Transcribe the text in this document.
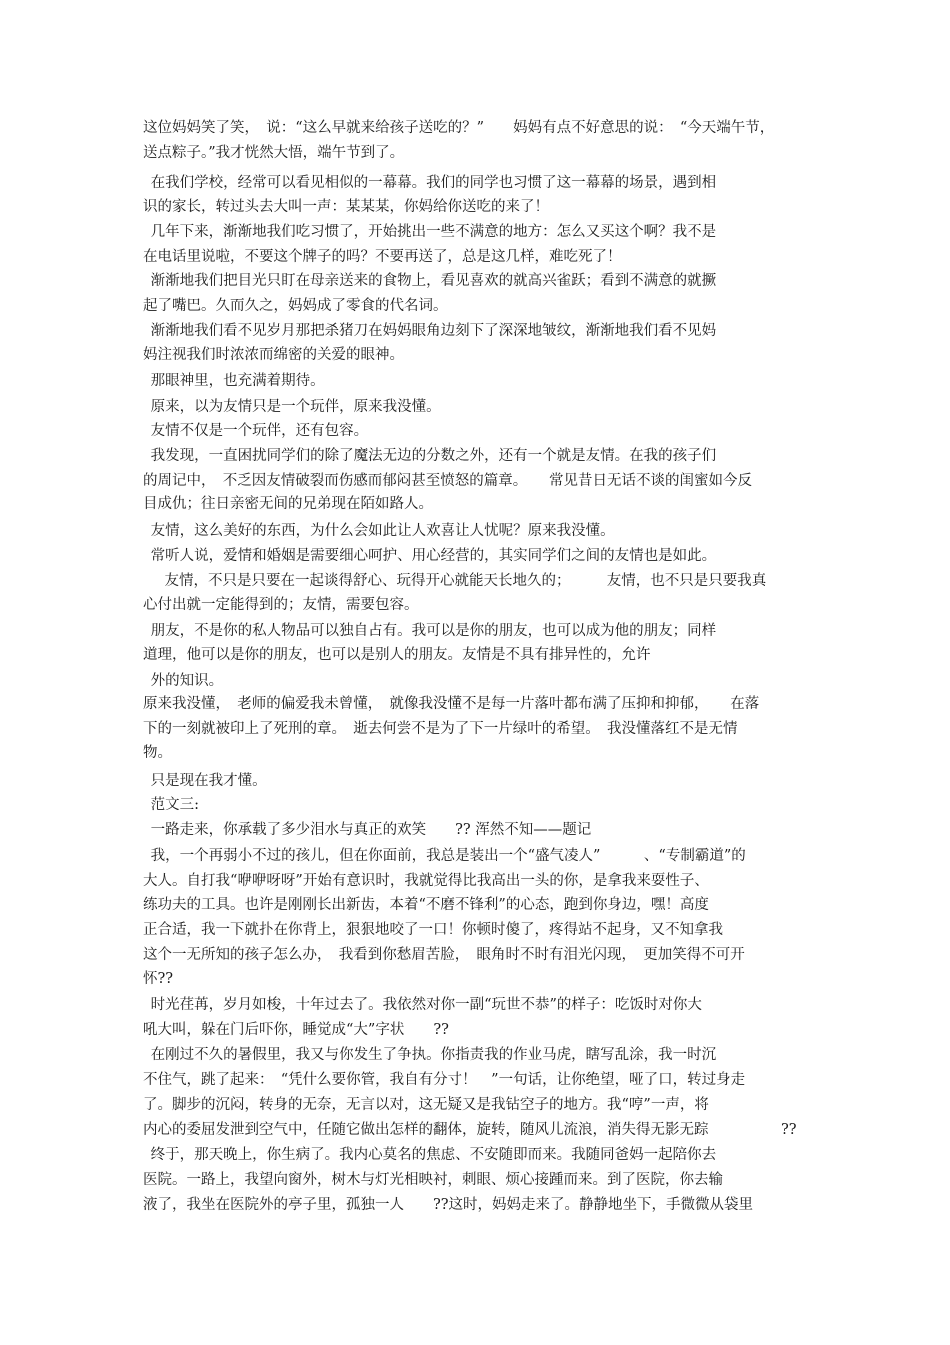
这位妈妈笑了笑，　说：“这么早就来给孩子送吃的？”　　妈妈有点不好意思的说：　“今天端午节，
送点粽子。”我才恍然大悟，端午节到了。
在我们学校，经常可以看见相似的一幕幕。我们的同学也习惯了这一幕幕的场景，遇到相
识的家长，转过头去大叫一声：某某某，你妈给你送吃的来了！
几年下来，渐渐地我们吃习惯了，开始挑出一些不满意的地方：怎么又买这个啊？我不是
在电话里说啦，不要这个牌子的吗？不要再送了，总是这几样，难吃死了！
渐渐地我们把目光只盯在母亲送来的食物上，看见喜欢的就高兴雀跃；看到不满意的就撅
起了嘴巴。久而久之，妈妈成了零食的代名词。
渐渐地我们看不见岁月那把杀猪刀在妈妈眼角边刻下了深深地皱纹，渐渐地我们看不见妈
妈注视我们时浓浓而绵密的关爱的眼神。
那眼神里，也充满着期待。
原来，以为友情只是一个玩伴，原来我没懂。
友情不仅是一个玩伴，还有包容。
我发现，一直困扰同学们的除了魔法无边的分数之外，还有一个就是友情。在我的孩子们
的周记中，　不乏因友情破裂而伤感而郁闷甚至愤怒的篇章。　　常见昔日无话不谈的闺蜜如今反
目成仇；往日亲密无间的兄弟现在陌如路人。
友情，这么美好的东西，为什么会如此让人欢喜让人忧呢？原来我没懂。
常听人说，爱情和婚姻是需要细心呵护、用心经营的，其实同学们之间的友情也是如此。
　友情，不只是只要在一起谈得舒心、玩得开心就能天长地久的；　　　友情，也不只是只要我真
心付出就一定能得到的；友情，需要包容。
朋友，不是你的私人物品可以独自占有。我可以是你的朋友，也可以成为他的朋友；同样
道理，他可以是你的朋友，也可以是别人的朋友。友情是不具有排异性的，允许
外的知识。
原来我没懂，　老师的偏爱我未曾懂，　就像我没懂不是每一片落叶都布满了压抑和抑郁，　　在落
下的一刻就被印上了死刑的章。　逝去何尝不是为了下一片绿叶的希望。　我没懂落红不是无情
物。
只是现在我才懂。
范文三:
一路走来，你承载了多少泪水与真正的欢笑　　?? 浑然不知——题记
我，一个再弱小不过的孩儿，但在你面前，我总是装出一个“盛气凌人”　　　、“专制霸道”的
大人。自打我“咿咿呀呀”开始有意识时，我就觉得比我高出一头的你，是拿我来耍性子、
练功夫的工具。也许是刚刚长出新齿，本着“不磨不锋利”的心态，跑到你身边，嘿！高度
正合适，我一下就扑在你背上，狠狠地咬了一口！你顿时傻了，疼得站不起身，又不知拿我
这个一无所知的孩子怎么办，　我看到你愁眉苦脸，　眼角时不时有泪光闪现，　更加笑得不可开
怀??
时光荏苒，岁月如梭，十年过去了。我依然对你一副“玩世不恭”的样子：吃饭时对你大
吼大叫，躲在门后吓你，睡觉成“大”字状　　??
在刚过不久的暑假里，我又与你发生了争执。你指责我的作业马虎，瞎写乱涂，我一时沉
不住气，跳了起来：　“凭什么要你管，我自有分寸！　”一句话，让你绝望，哑了口，转过身走
了。脚步的沉闷，转身的无奈，无言以对，这无疑又是我钻空子的地方。我“哼”一声，将
内心的委屈发泄到空气中，任随它做出怎样的翻体，旋转，随风儿流浪，消失得无影无踪　　　　　??
终于，那天晚上，你生病了。我内心莫名的焦虑、不安随即而来。我随同爸妈一起陪你去
医院。一路上，我望向窗外，树木与灯光相映衬，刺眼、烦心接踵而来。到了医院，你去输
液了，我坐在医院外的亭子里，孤独一人　　??这时，妈妈走来了。静静地坐下，手微微从袋里
